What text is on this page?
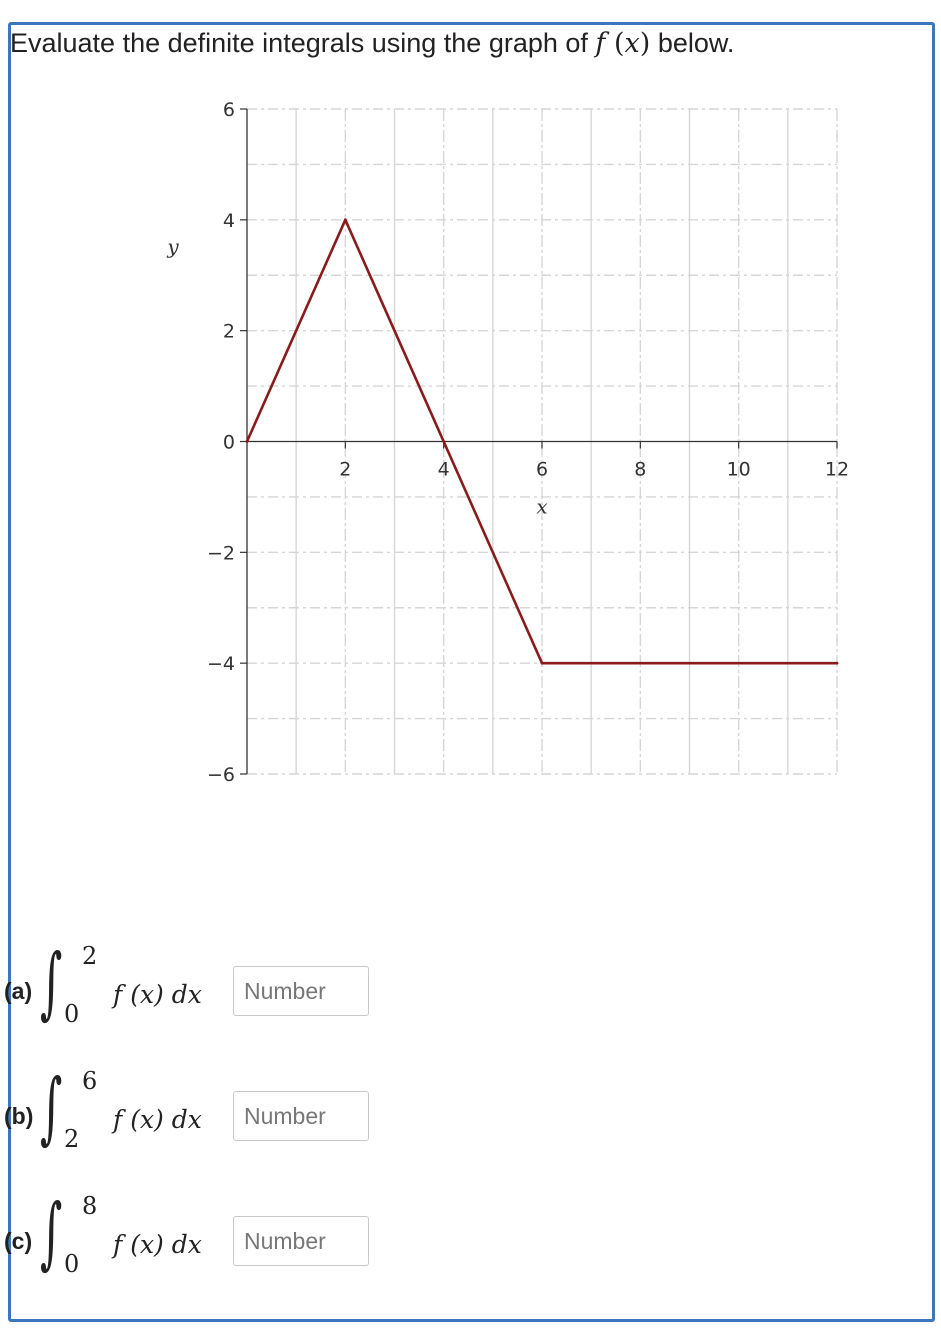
Evaluate the definite integrals using the graph of f (x) below.
6
4
2
0
−2
−4
−6
2	4	6	8	10	12
x
y
(a) ∫ 2
0
f (x) dx
Number
(b) ∫ 6
2
f (x) dx
Number
(c) ∫ 8
0
f (x) dx
Number
